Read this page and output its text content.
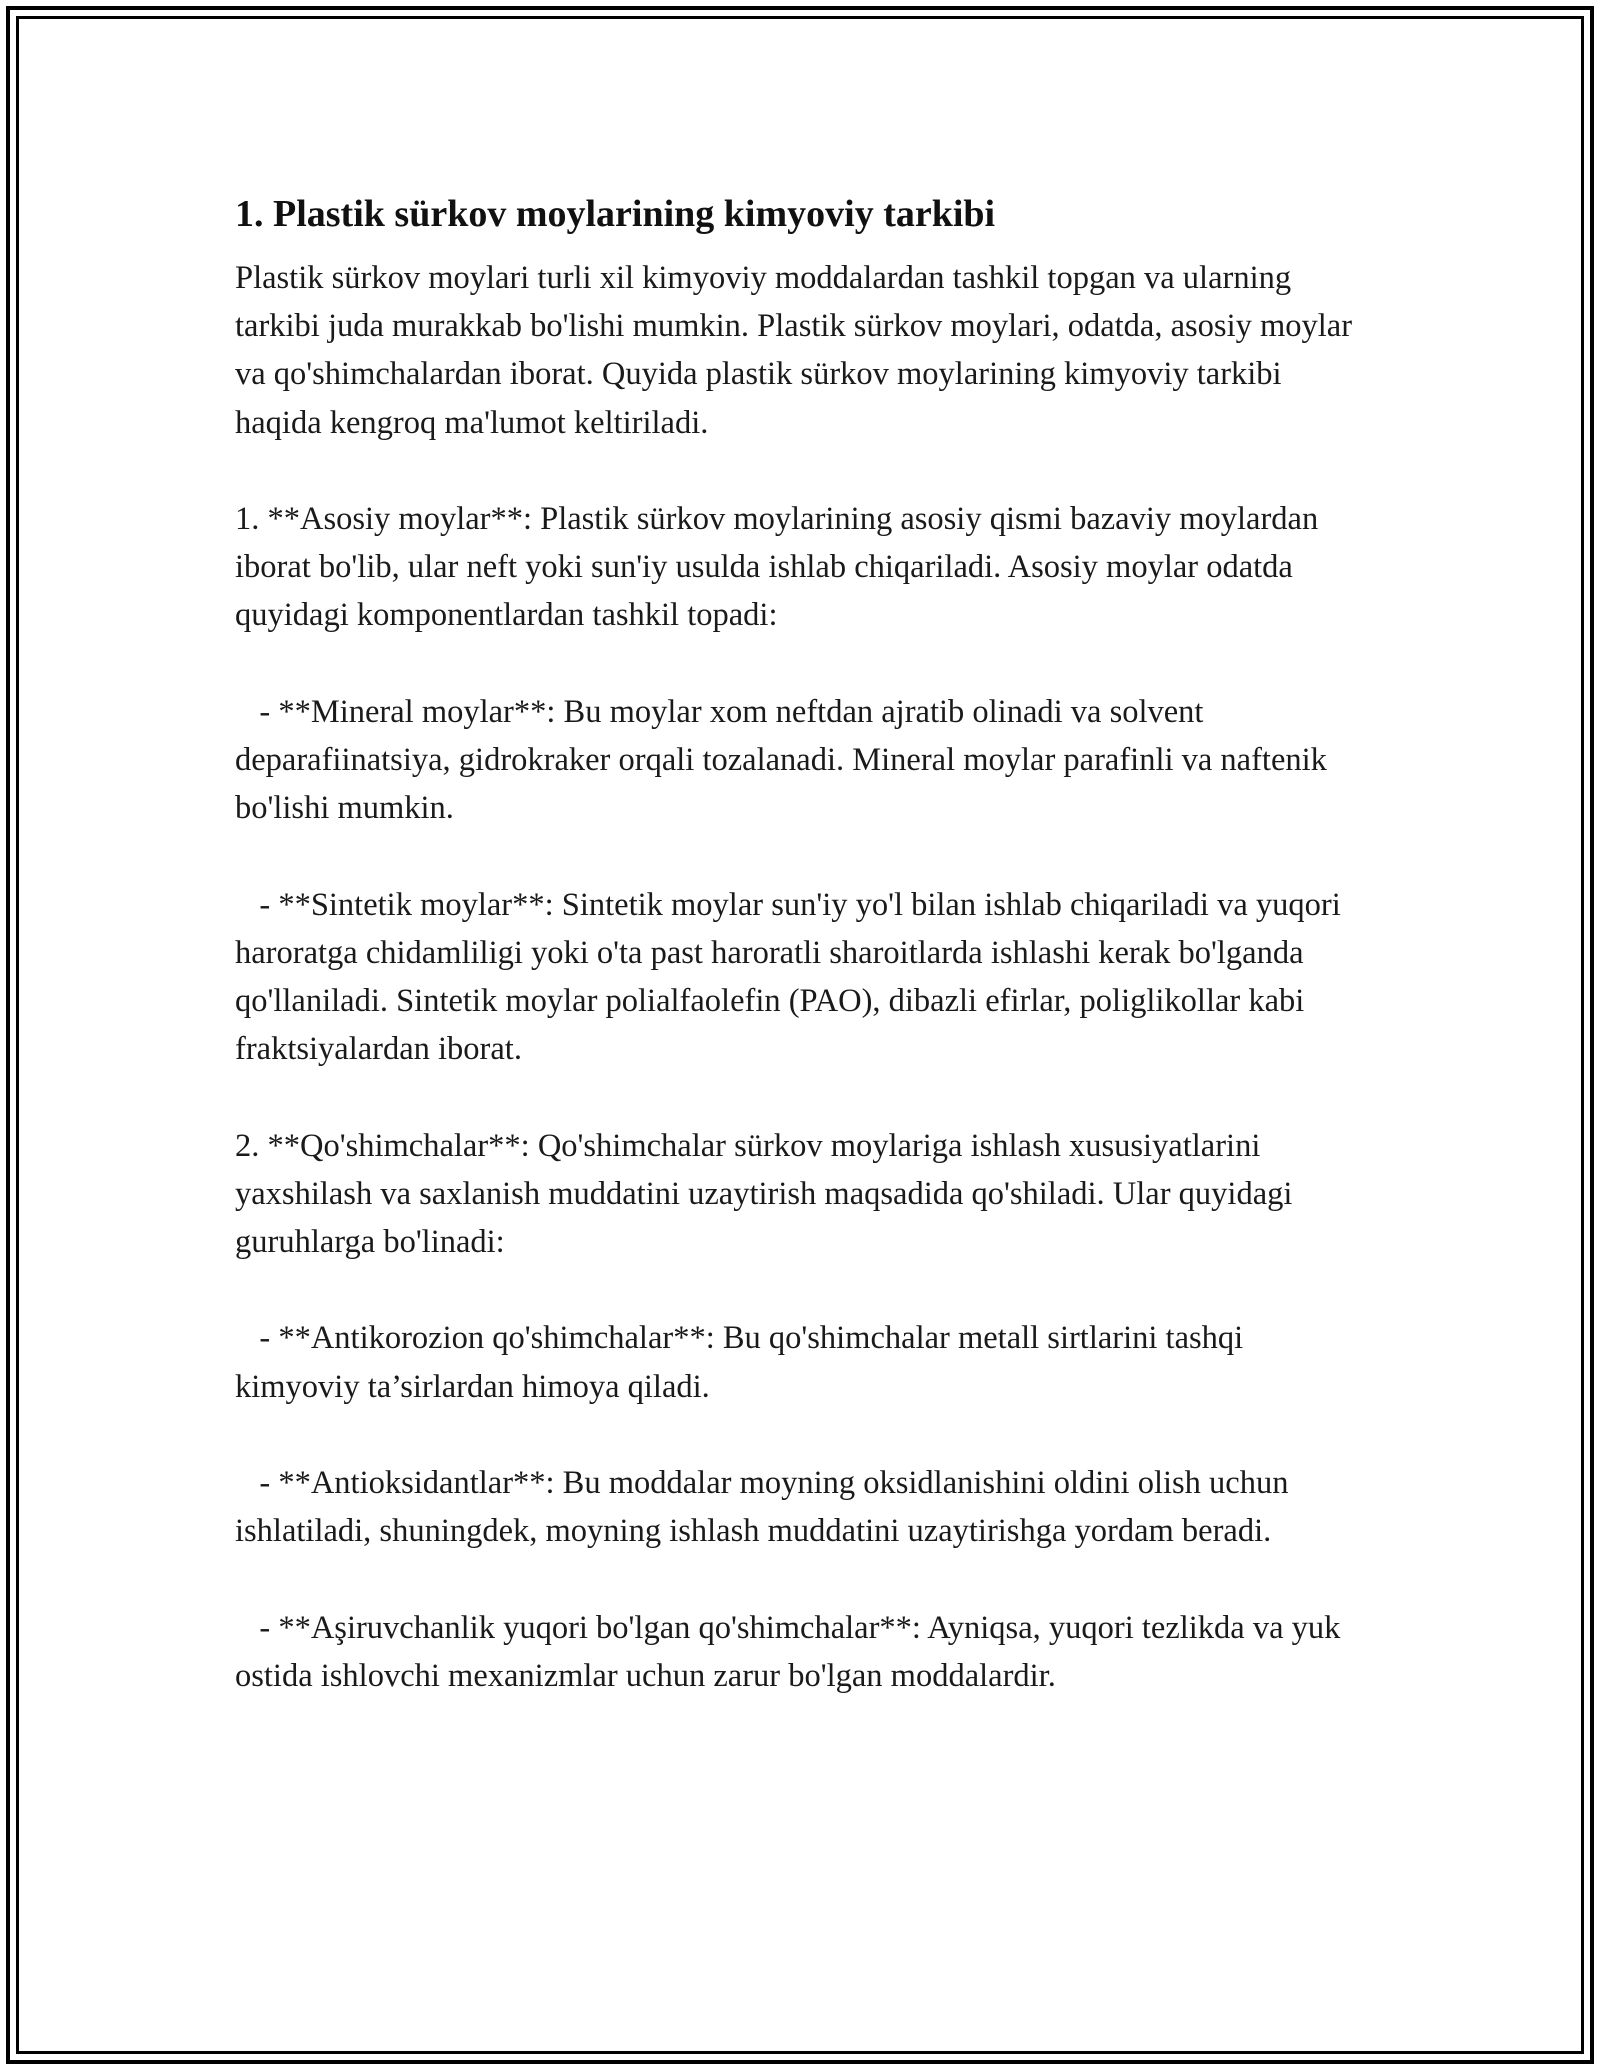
1. Plastik sürkov moylarining kimyoviy tarkibi

Plastik sürkov moylari turli xil kimyoviy moddalardan tashkil topgan va ularning tarkibi juda murakkab bo'lishi mumkin. Plastik sürkov moylari, odatda, asosiy moylar va qo'shimchalardan iborat. Quyida plastik sürkov moylarining kimyoviy tarkibi haqida kengroq ma'lumot keltiriladi.

1. **Asosiy moylar**: Plastik sürkov moylarining asosiy qismi bazaviy moylardan iborat bo'lib, ular neft yoki sun'iy usulda ishlab chiqariladi. Asosiy moylar odatda quyidagi komponentlardan tashkil topadi:

- **Mineral moylar**: Bu moylar xom neftdan ajratib olinadi va solvent deparafiinatsiya, gidrokraker orqali tozalanadi. Mineral moylar parafinli va naftenik bo'lishi mumkin.

- **Sintetik moylar**: Sintetik moylar sun'iy yo'l bilan ishlab chiqariladi va yuqori haroratga chidamliligi yoki o'ta past haroratli sharoitlarda ishlashi kerak bo'lganda qo'llaniladi. Sintetik moylar polialfaolefin (PAO), dibazli efirlar, poliglikollar kabi fraktsiyalardan iborat.

2. **Qo'shimchalar**: Qo'shimchalar sürkov moylariga ishlash xususiyatlarini yaxshilash va saxlanish muddatini uzaytirish maqsadida qo'shiladi. Ular quyidagi guruhlarga bo'linadi:

- **Antikorozion qo'shimchalar**: Bu qo'shimchalar metall sirtlarini tashqi kimyoviy ta’sirlardan himoya qiladi.

- **Antioksidantlar**: Bu moddalar moyning oksidlanishini oldini olish uchun ishlatiladi, shuningdek, moyning ishlash muddatini uzaytirishga yordam beradi.

- **Aşiruvchanlik yuqori bo'lgan qo'shimchalar**: Ayniqsa, yuqori tezlikda va yuk ostida ishlovchi mexanizmlar uchun zarur bo'lgan moddalardir.
